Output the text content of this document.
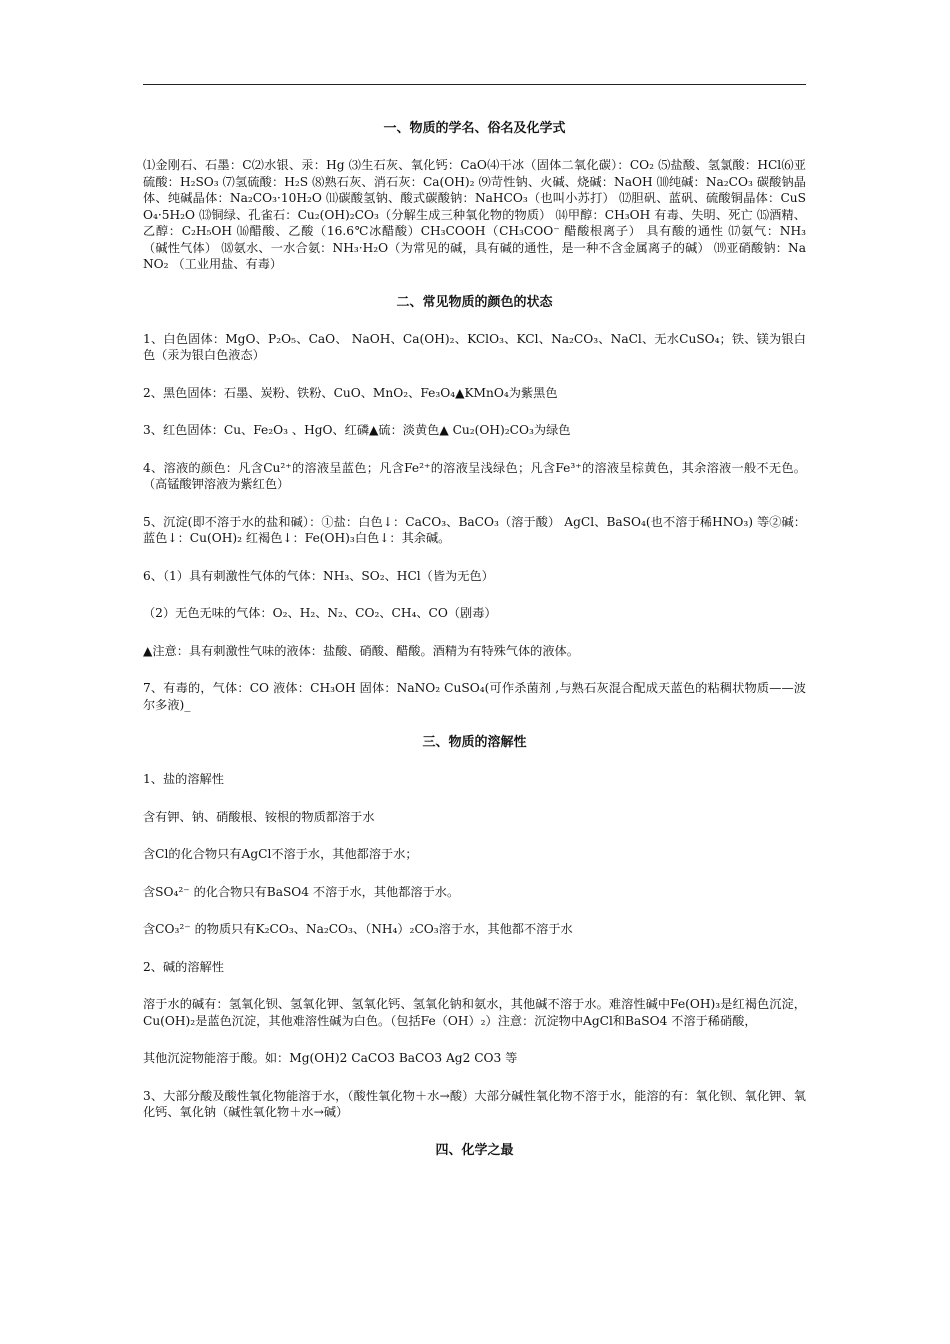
一、物质的学名、俗名及化学式
⑴金刚石、石墨：C⑵水银、汞：Hg ⑶生石灰、氧化钙：CaO⑷干冰（固体二氧化碳）：CO₂ ⑸盐酸、氢氯酸：HCl⑹亚硫酸：H₂SO₃ ⑺氢硫酸：H₂S ⑻熟石灰、消石灰：Ca(OH)₂ ⑼苛性钠、火碱、烧碱：NaOH ⑽纯碱：Na₂CO₃ 碳酸钠晶体、纯碱晶体：Na₂CO₃·10H₂O ⑾碳酸氢钠、酸式碳酸钠：NaHCO₃（也叫小苏打） ⑿胆矾、蓝矾、硫酸铜晶体：CuSO₄·5H₂O ⒀铜绿、孔雀石：Cu₂(OH)₂CO₃（分解生成三种氧化物的物质） ⒁甲醇：CH₃OH 有毒、失明、死亡 ⒂酒精、乙醇：C₂H₅OH ⒃醋酸、乙酸（16.6℃冰醋酸）CH₃COOH（CH₃COO⁻ 醋酸根离子） 具有酸的通性 ⒄氨气：NH₃ （碱性气体） ⒅氨水、一水合氨：NH₃·H₂O（为常见的碱，具有碱的通性，是一种不含金属离子的碱） ⒆亚硝酸钠：NaNO₂ （工业用盐、有毒）
二、常见物质的颜色的状态
1、白色固体：MgO、P₂O₅、CaO、 NaOH、Ca(OH)₂、KClO₃、KCl、Na₂CO₃、NaCl、无水CuSO₄；铁、镁为银白色（汞为银白色液态）
2、黑色固体：石墨、炭粉、铁粉、CuO、MnO₂、Fe₃O₄▲KMnO₄为紫黑色
3、红色固体：Cu、Fe₂O₃ 、HgO、红磷▲硫：淡黄色▲ Cu₂(OH)₂CO₃为绿色
4、溶液的颜色：凡含Cu²⁺的溶液呈蓝色；凡含Fe²⁺的溶液呈浅绿色；凡含Fe³⁺的溶液呈棕黄色，其余溶液一般不无色。（高锰酸钾溶液为紫红色）
5、沉淀(即不溶于水的盐和碱）：①盐：白色↓：CaCO₃、BaCO₃（溶于酸） AgCl、BaSO₄(也不溶于稀HNO₃) 等②碱：蓝色↓：Cu(OH)₂ 红褐色↓：Fe(OH)₃白色↓：其余碱。
6、（1）具有刺激性气体的气体：NH₃、SO₂、HCl（皆为无色）
（2）无色无味的气体：O₂、H₂、N₂、CO₂、CH₄、CO（剧毒）
▲注意：具有刺激性气味的液体：盐酸、硝酸、醋酸。酒精为有特殊气体的液体。
7、有毒的，气体：CO 液体：CH₃OH 固体：NaNO₂ CuSO₄(可作杀菌剂 ,与熟石灰混合配成天蓝色的粘稠状物质——波尔多液)_
三、物质的溶解性
1、盐的溶解性
含有钾、钠、硝酸根、铵根的物质都溶于水
含Cl的化合物只有AgCl不溶于水，其他都溶于水；
含SO₄²⁻ 的化合物只有BaSO4 不溶于水，其他都溶于水。
含CO₃²⁻ 的物质只有K₂CO₃、Na₂CO₃、（NH₄）₂CO₃溶于水，其他都不溶于水
2、碱的溶解性
溶于水的碱有：氢氧化钡、氢氧化钾、氢氧化钙、氢氧化钠和氨水，其他碱不溶于水。难溶性碱中Fe(OH)₃是红褐色沉淀，Cu(OH)₂是蓝色沉淀，其他难溶性碱为白色。（包括Fe（OH）₂）注意：沉淀物中AgCl和BaSO4 不溶于稀硝酸，
其他沉淀物能溶于酸。如：Mg(OH)2 CaCO3 BaCO3 Ag2 CO3 等
3、大部分酸及酸性氧化物能溶于水，（酸性氧化物＋水→酸）大部分碱性氧化物不溶于水，能溶的有：氧化钡、氧化钾、氧化钙、氧化钠（碱性氧化物＋水→碱）
四、化学之最
